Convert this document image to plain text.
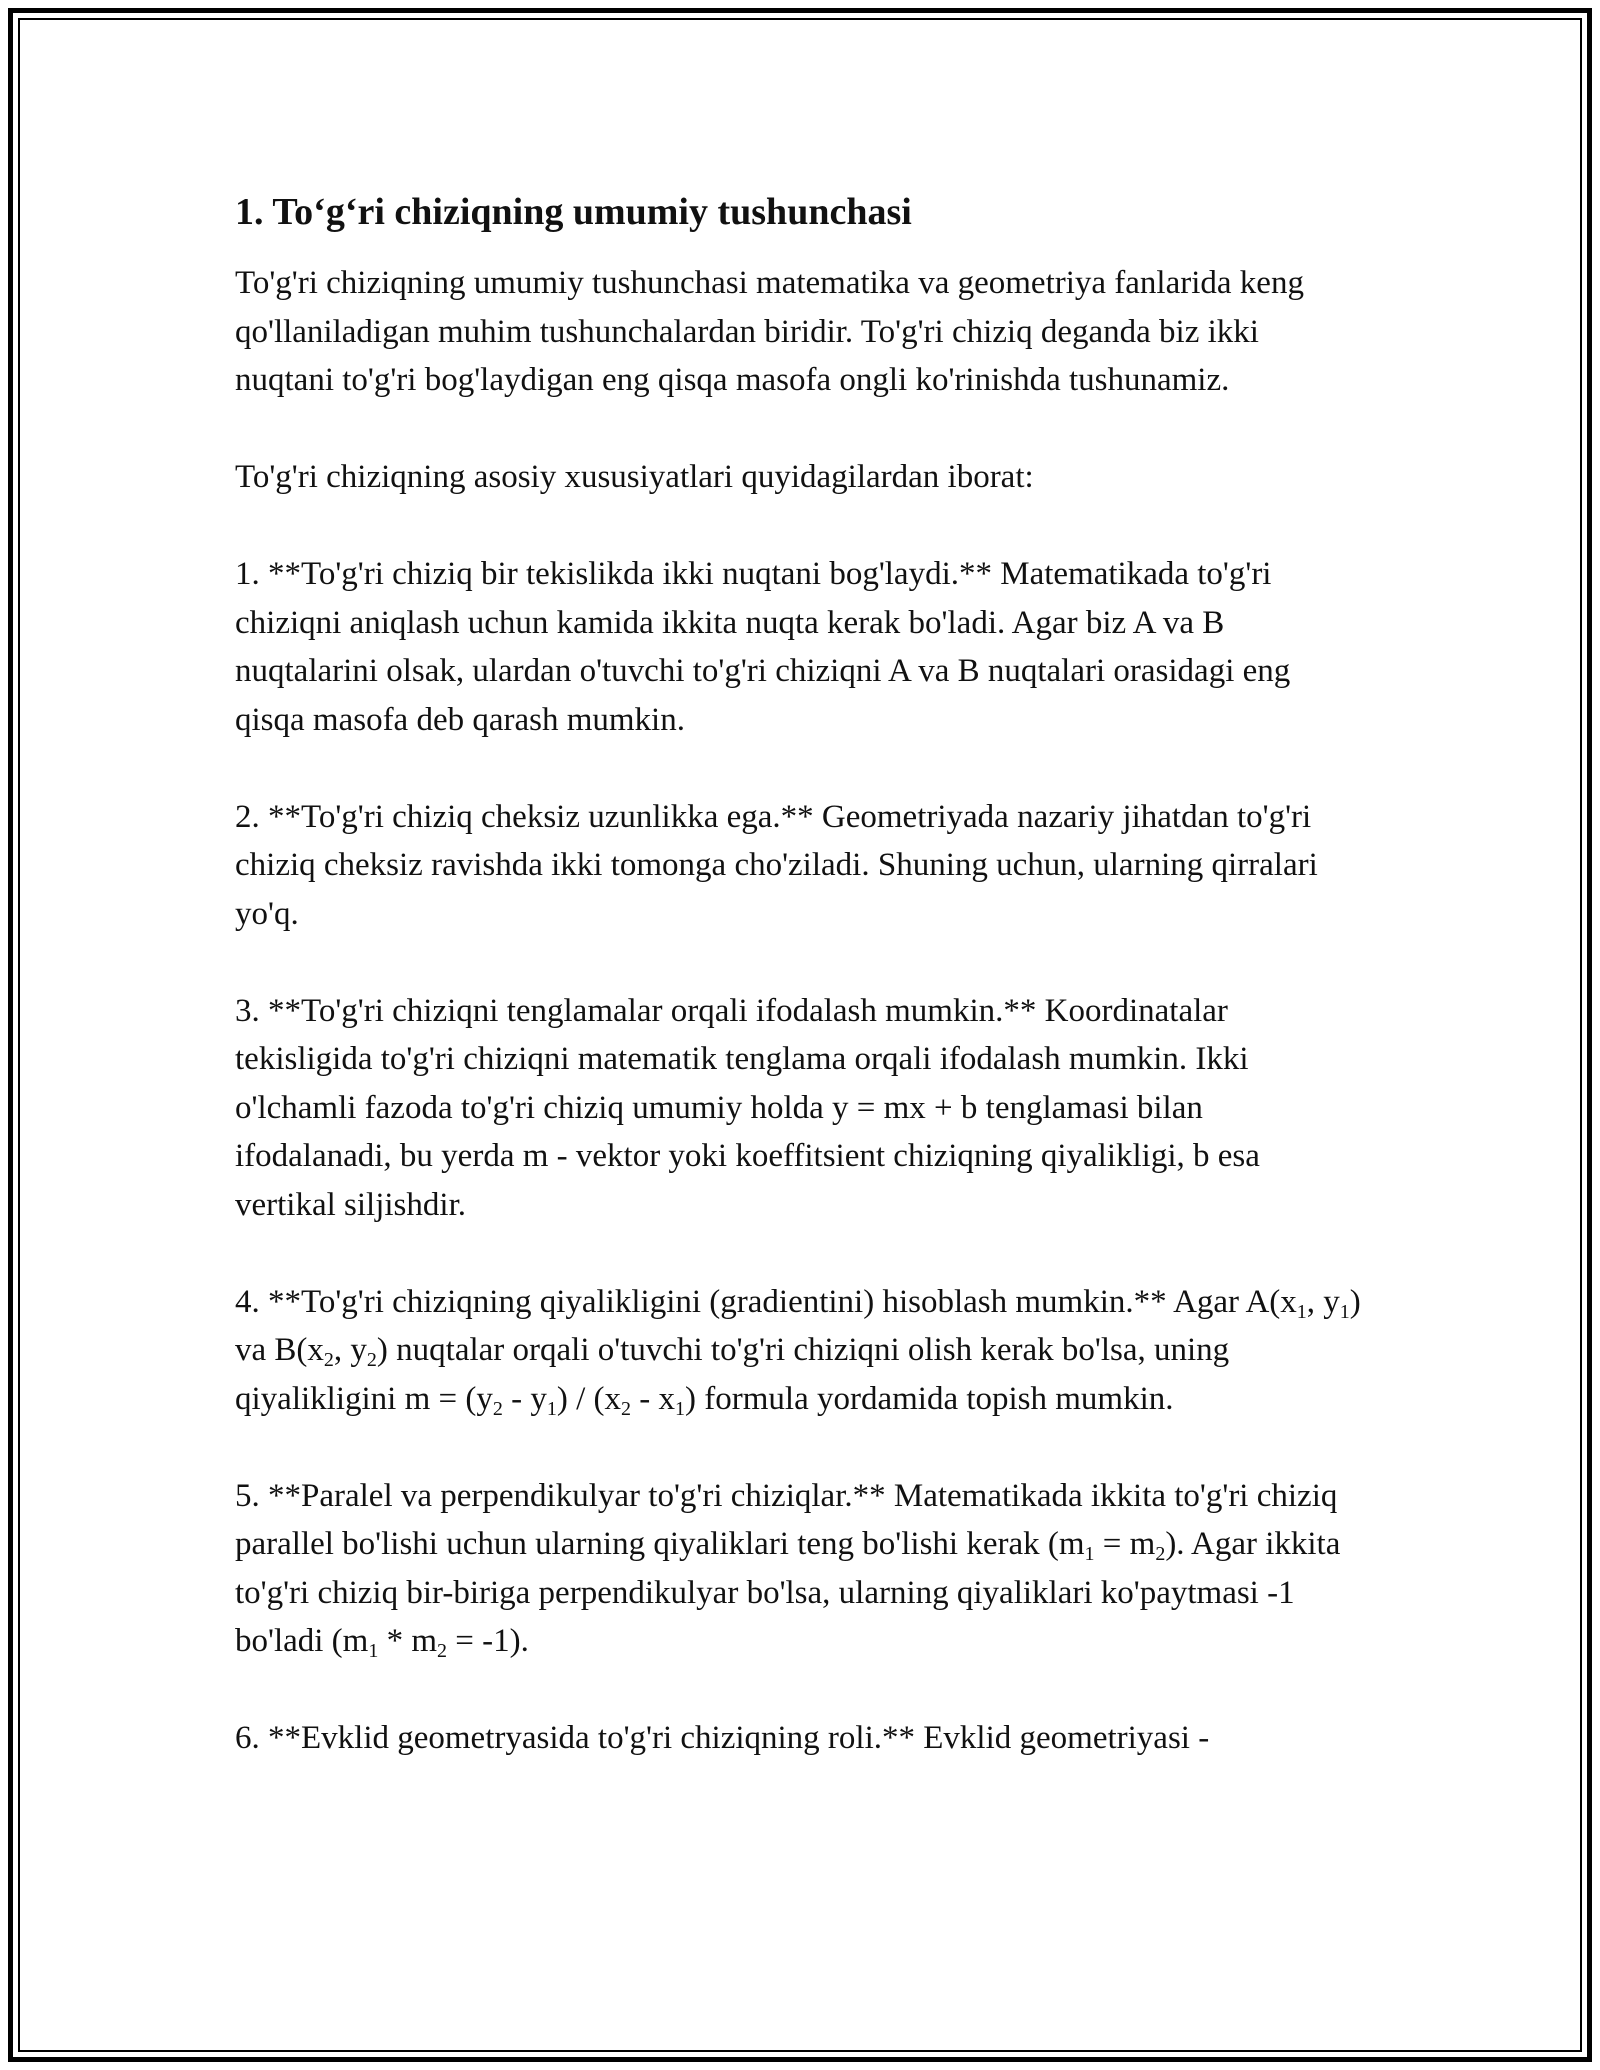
1. To‘g‘ri chiziqning umumiy tushunchasi

To'g'ri chiziqning umumiy tushunchasi matematika va geometriya fanlarida keng qo'llaniladigan muhim tushunchalardan biridir. To'g'ri chiziq deganda biz ikki nuqtani to'g'ri bog'laydigan eng qisqa masofa ongli ko'rinishda tushunamiz.

To'g'ri chiziqning asosiy xususiyatlari quyidagilardan iborat:

1. **To'g'ri chiziq bir tekislikda ikki nuqtani bog'laydi.** Matematikada to'g'ri chiziqni aniqlash uchun kamida ikkita nuqta kerak bo'ladi. Agar biz A va B nuqtalarini olsak, ulardan o'tuvchi to'g'ri chiziqni A va B nuqtalari orasidagi eng qisqa masofa deb qarash mumkin.

2. **To'g'ri chiziq cheksiz uzunlikka ega.** Geometriyada nazariy jihatdan to'g'ri chiziq cheksiz ravishda ikki tomonga cho'ziladi. Shuning uchun, ularning qirralari yo'q.

3. **To'g'ri chiziqni tenglamalar orqali ifodalash mumkin.** Koordinatalar tekisligida to'g'ri chiziqni matematik tenglama orqali ifodalash mumkin. Ikki o'lchamli fazoda to'g'ri chiziq umumiy holda y = mx + b tenglamasi bilan ifodalanadi, bu yerda m - vektor yoki koeffitsient chiziqning qiyalikligi, b esa vertikal siljishdir.

4. **To'g'ri chiziqning qiyalikligini (gradientini) hisoblash mumkin.** Agar $A(x_1$, $y_1$) va $B(x_2$, $y_2$) nuqtalar orqali o'tuvchi to'g'ri chiziqni olish kerak bo'lsa, uning qiyalikligini $m = (y_2 - y_1) / (x_2 - x_1)$ formula yordamida topish mumkin.

5. **Paralel va perpendikulyar to'g'ri chiziqlar.** Matematikada ikkita to'g'ri chiziq parallel bo'lishi uchun ularning qiyaliklari teng bo'lishi kerak $(m_1 = m_2)$. Agar ikkita to'g'ri chiziq bir-biriga perpendikulyar bo'lsa, ularning qiyaliklari ko'paytmasi -1 bo'ladi $(m_1 * m_2 = -1)$.

6. **Evklid geometryasida to'g'ri chiziqning roli.** Evklid geometriyasi -
